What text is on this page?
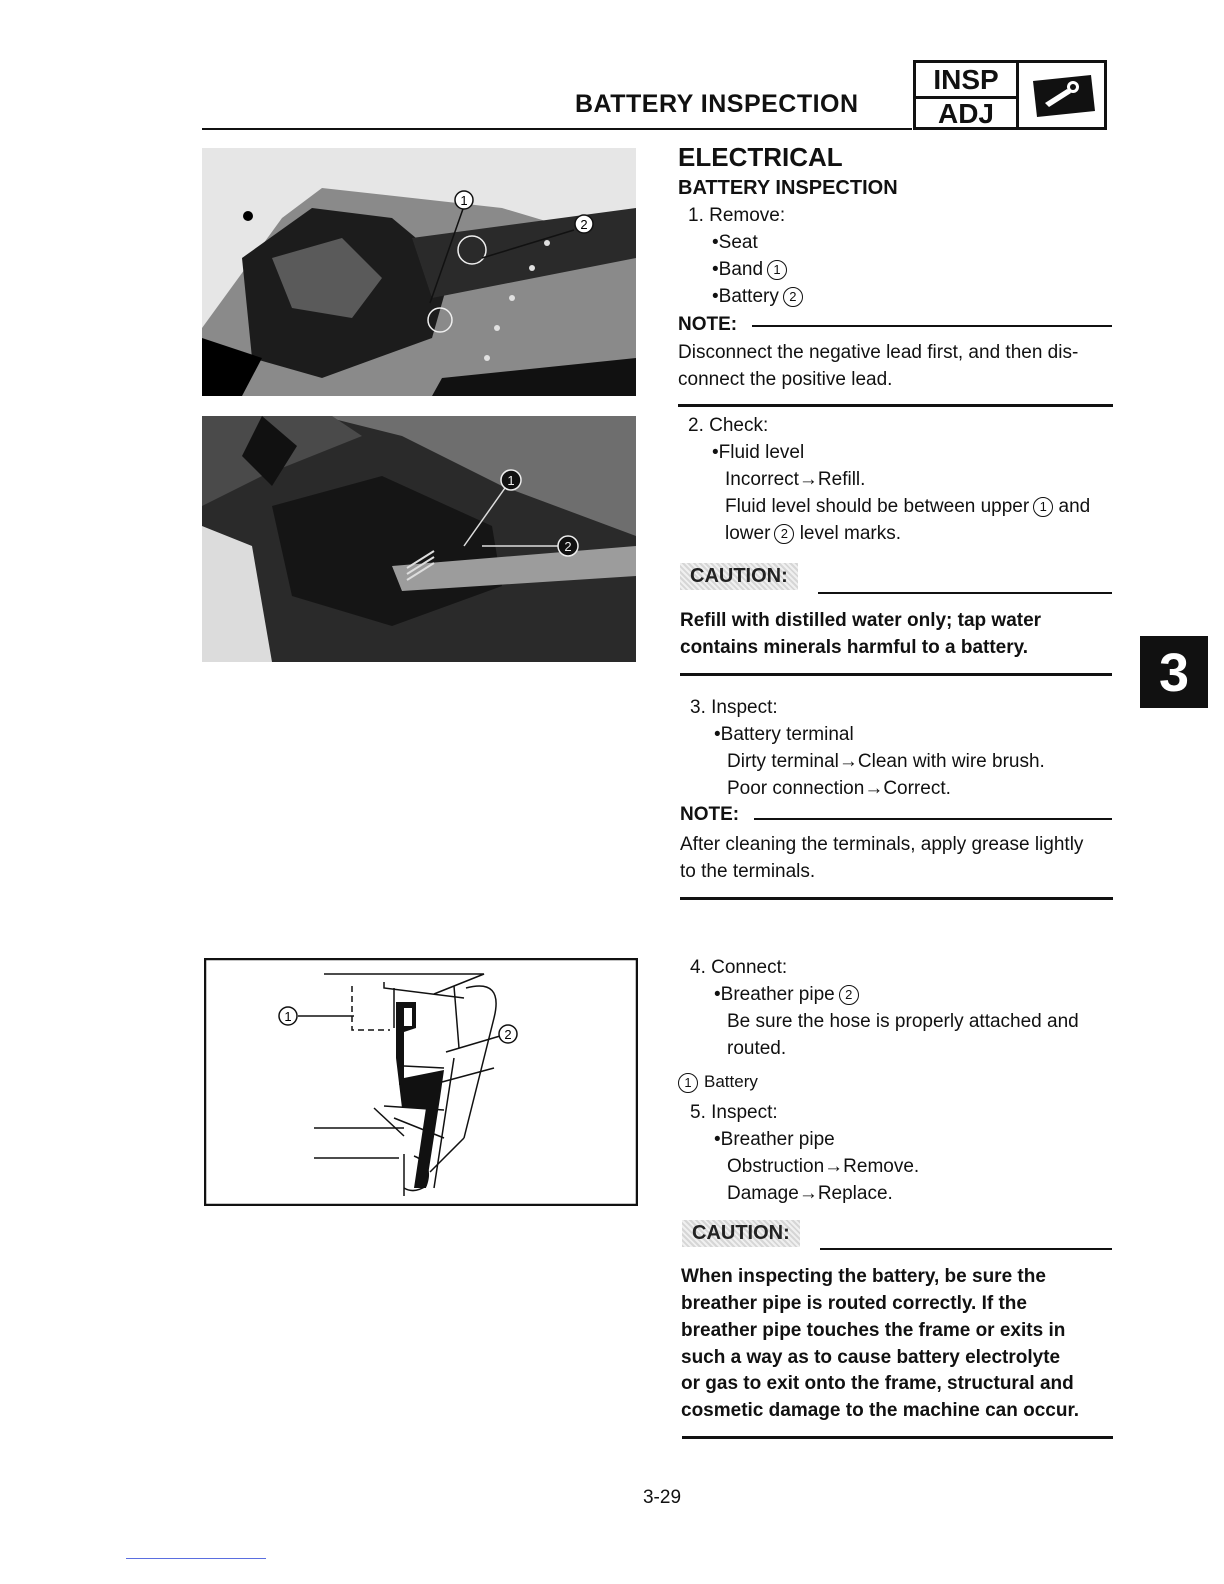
BATTERY INSPECTION
INSP
ADJ
1
2
1
2
1
2
ELECTRICAL
BATTERY INSPECTION
1. Remove:
•Seat
•Band 1
•Battery 2
NOTE:
Disconnect the negative lead first, and then dis-
connect the positive lead.
2. Check:
•Fluid level
Incorrect→Refill.
Fluid level should be between upper 1 and
lower 2 level marks.
CAUTION:
Refill with distilled water only; tap water
contains minerals harmful to a battery.
3. Inspect:
•Battery terminal
Dirty terminal→Clean with wire brush.
Poor connection→Correct.
NOTE:
After cleaning the terminals, apply grease lightly
to the terminals.
4. Connect:
•Breather pipe 2
Be sure the hose is properly attached and
routed.
1 Battery
5. Inspect:
•Breather pipe
Obstruction→Remove.
Damage→Replace.
CAUTION:
When inspecting the battery, be sure the
breather pipe is routed correctly. If the
breather pipe touches the frame or exits in
such a way as to cause battery electrolyte
or gas to exit onto the frame, structural and
cosmetic damage to the machine can occur.
3
3-29
